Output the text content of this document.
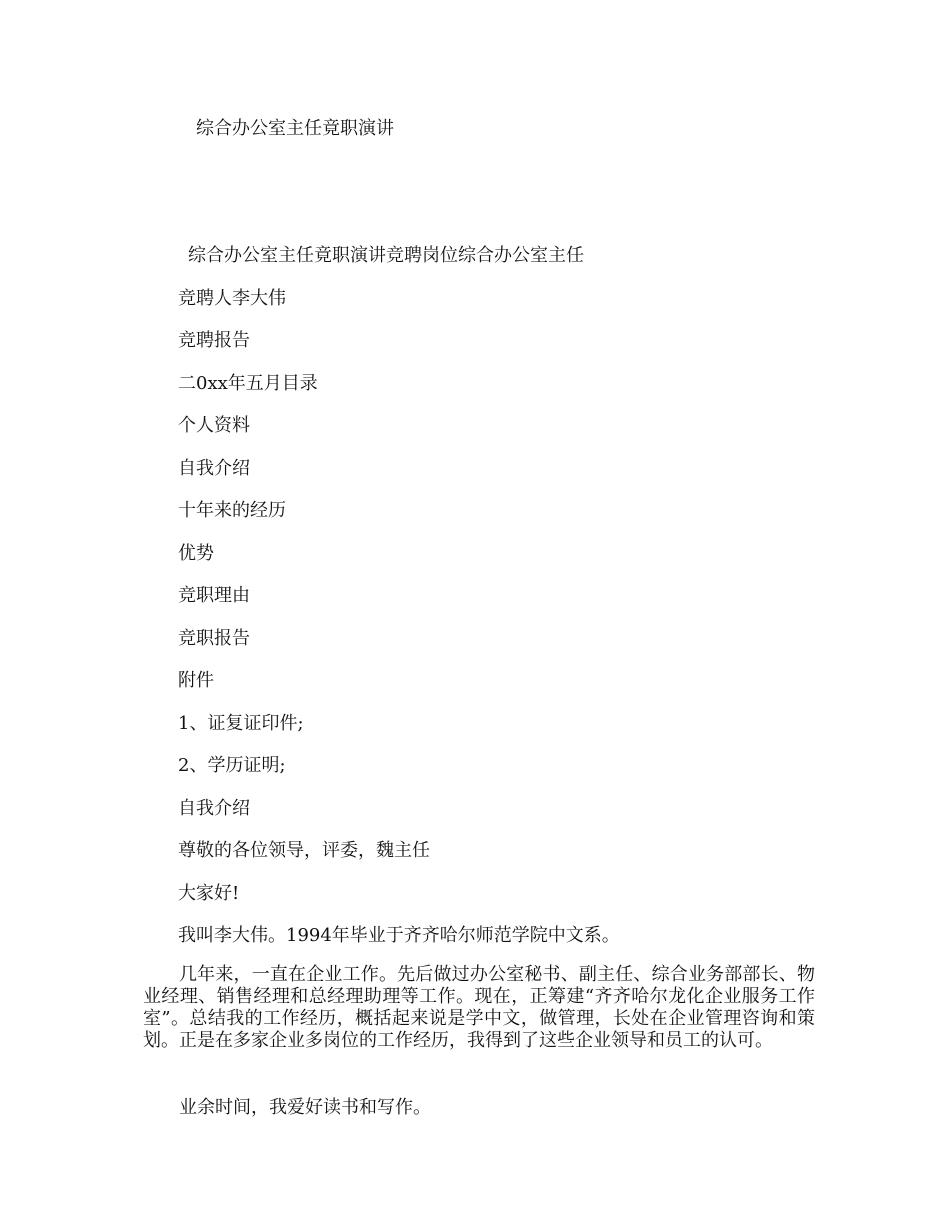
综合办公室主任竟职演讲
综合办公室主任竟职演讲竞聘岗位综合办公室主任
竞聘人李大伟
竞聘报告
二0xx年五月目录
个人资料
自我介绍
十年来的经历
优势
竞职理由
竞职报告
附件
1、证复证印件;
2、学历证明;
自我介绍
尊敬的各位领导，评委，魏主任
大家好!
我叫李大伟。1994年毕业于齐齐哈尔师范学院中文系。
几年来，一直在企业工作。先后做过办公室秘书、副主任、综合业务部部长、物业经理、销售经理和总经理助理等工作。现在，正筹建“齐齐哈尔龙化企业服务工作室”。总结我的工作经历，概括起来说是学中文，做管理，长处在企业管理咨询和策划。正是在多家企业多岗位的工作经历，我得到了这些企业领导和员工的认可。
业余时间，我爱好读书和写作。
